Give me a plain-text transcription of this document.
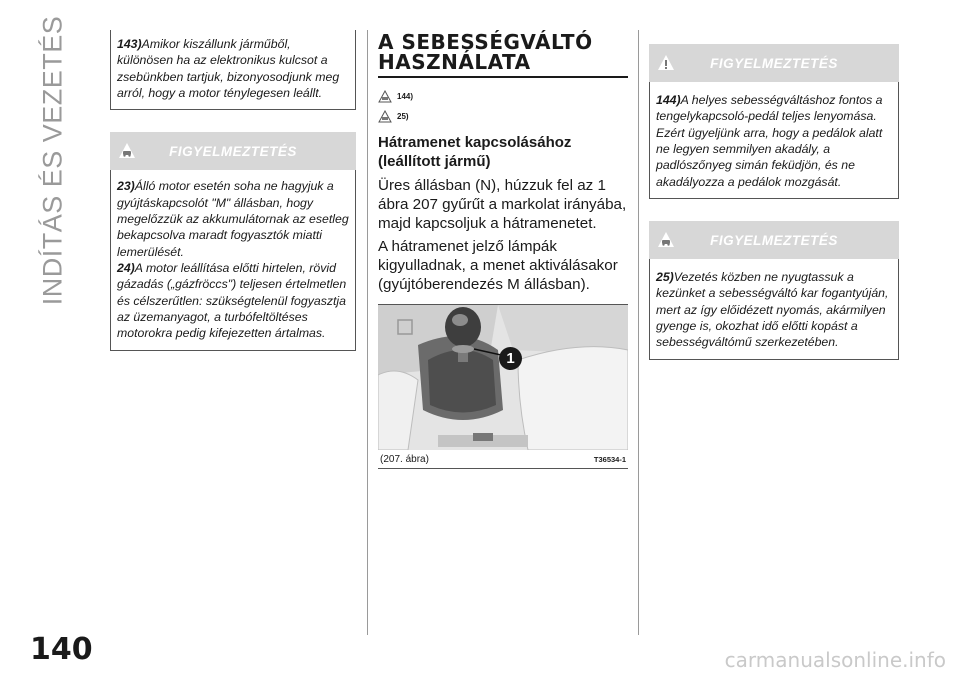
INDÍTÁS ÉS VEZETÉS
140	carmanualsonline.info
143)Amikor kiszállunk járműből, különösen ha az elektronikus kulcsot a zsebünkben tartjuk, bizonyosodjunk meg arról, hogy a motor ténylegesen leállt.
FIGYELMEZTETÉS
23)Álló motor esetén soha ne hagyjuk a gyújtáskapcsolót "M" állásban, hogy megelőzzük az akkumulátornak az esetleg bekapcsolva maradt fogyasztók miatti lemerülését.
24)A motor leállítása előtti hirtelen, rövid gázadás („gázfröccs") teljesen értelmetlen és célszerűtlen: szükségtelenül fogyasztja az üzemanyagot, a turbófeltöltéses motorokra pedig kifejezetten ártalmas.
A SEBESSÉGVÁLTÓ
HASZNÁLATA
144)
25)
Hátramenet kapcsolásához
(leállított jármű)

Üres állásban (N), húzzuk fel az 1 ábra 207 gyűrűt a markolat irányába, majd kapcsoljuk a hátramenetet.

A hátramenet jelző lámpák kigyulladnak, a menet aktiválásakor (gyújtóberendezés M állásban).

1
(207. ábra)	T36534-1
FIGYELMEZTETÉS
144)A helyes sebességváltáshoz fontos a tengelykapcsoló-pedál teljes lenyomása. Ezért ügyeljünk arra, hogy a pedálok alatt ne legyen semmilyen akadály, a padlószőnyeg simán feküdjön, és ne akadályozza a pedálok mozgását.
FIGYELMEZTETÉS
25)Vezetés közben ne nyugtassuk a kezünket a sebességváltó kar fogantyúján, mert az így előidézett nyomás, akármilyen gyenge is, okozhat idő előtti kopást a sebességváltómű szerkezetében.
